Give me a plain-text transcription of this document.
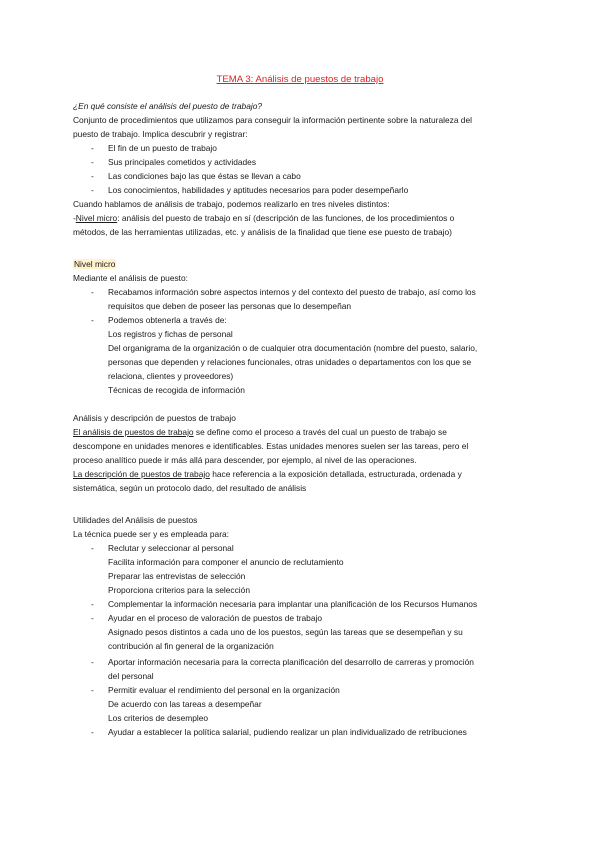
TEMA 3: Análisis de puestos de trabajo
¿En qué consiste el análisis del puesto de trabajo?
Conjunto de procedimientos que utilizamos para conseguir la información pertinente sobre la naturaleza del
puesto de trabajo. Implica descubrir y registrar:
- El fin de un puesto de trabajo
- Sus principales cometidos y actividades
- Las condiciones bajo las que éstas se llevan a cabo
- Los conocimientos, habilidades y aptitudes necesarios para poder desempeñarlo
Cuando hablamos de análisis de trabajo, podemos realizarlo en tres niveles distintos:
-Nivel micro: análisis del puesto de trabajo en sí (descripción de las funciones, de los procedimientos o
métodos, de las herramientas utilizadas, etc. y análisis de la finalidad que tiene ese puesto de trabajo)
Nivel micro
Mediante el análisis de puesto:
- Recabamos información sobre aspectos internos y del contexto del puesto de trabajo, así como los
requisitos que deben de poseer las personas que lo desempeñan
- Podemos obtenerla a través de:
Los registros y fichas de personal
Del organigrama de la organización o de cualquier otra documentación (nombre del puesto, salario,
personas que dependen y relaciones funcionales, otras unidades o departamentos con los que se
relaciona, clientes y proveedores)
Técnicas de recogida de información
Análisis y descripción de puestos de trabajo
El análisis de puestos de trabajo se define como el proceso a través del cual un puesto de trabajo se
descompone en unidades menores e identificables. Estas unidades menores suelen ser las tareas, pero el
proceso analítico puede ir más allá para descender, por ejemplo, al nivel de las operaciones.
La descripción de puestos de trabajo hace referencia a la exposición detallada, estructurada, ordenada y
sistemática, según un protocolo dado, del resultado de análisis
Utilidades del Análisis de puestos
La técnica puede ser y es empleada para:
- Reclutar y seleccionar al personal
Facilita información para componer el anuncio de reclutamiento
Preparar las entrevistas de selección
Proporciona criterios para la selección
- Complementar la información necesaria para implantar una planificación de los Recursos Humanos
- Ayudar en el proceso de valoración de puestos de trabajo
Asignado pesos distintos a cada uno de los puestos, según las tareas que se desempeñan y su
contribución al fin general de la organización
- Aportar información necesaria para la correcta planificación del desarrollo de carreras y promoción
del personal
- Permitir evaluar el rendimiento del personal en la organización
De acuerdo con las tareas a desempeñar
Los criterios de desempleo
- Ayudar a establecer la política salarial, pudiendo realizar un plan individualizado de retribuciones
